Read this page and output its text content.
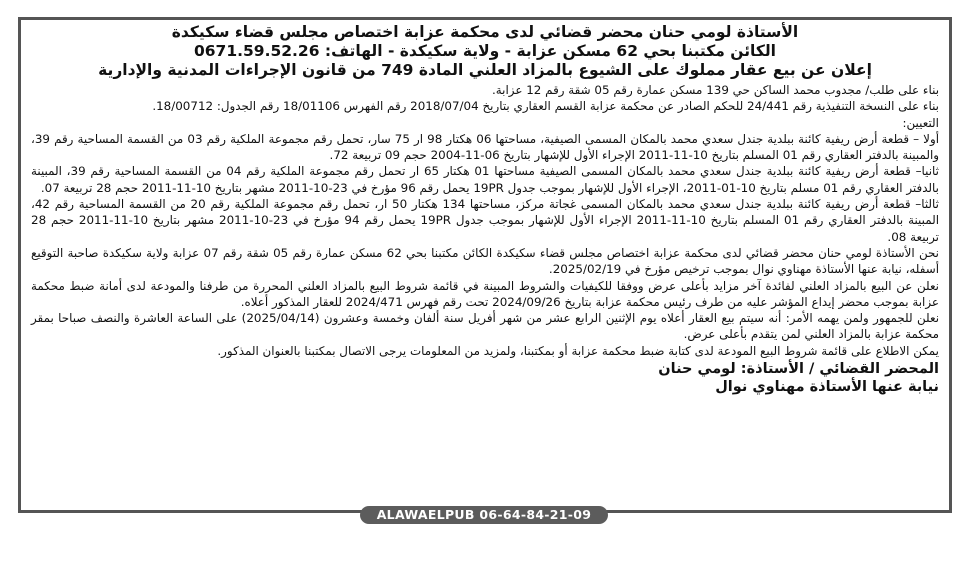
الأستاذة لومي حنان محضر قضائي لدى محكمة عزابة اختصاص مجلس قضاء سكيكدة
الكائن مكتبنا بحي 62 مسكن عزابة - ولاية سكيكدة - الهاتف: 0671.59.52.26
إعلان عن بيع عقار مملوك على الشيوع بالمزاد العلني المادة 749 من قانون الإجراءات المدنية والإدارية

بناء على طلب/ مجدوب محمد الساكن حي 139 مسكن عمارة رقم 05 شقة رقم 12 عزابة.

بناء على النسخة التنفيذية رقم 24/441 للحكم الصادر عن محكمة عزابة القسم العقاري بتاريخ 2018/07/04 رقم الفهرس 18/01106 رقم الجدول: 18/00712.

التعيين:

أولا – قطعة أرض ريفية كائنة ببلدية جندل سعدي محمد بالمكان المسمى الصيفية، مساحتها 06 هكتار 98 ار 75 سار، تحمل رقم مجموعة الملكية رقم 03 من القسمة المساحية رقم 39، والمبينة بالدفتر العقاري رقم 01 المسلم بتاريخ 10-11-2011 الإجراء الأول للإشهار بتاريخ 06-11-2004 حجم 09 تربيعة 72.

ثانيا– قطعة أرض ريفية كائنة ببلدية جندل سعدي محمد بالمكان المسمى الصيفية مساحتها 01 هكتار 65 ار تحمل رقم مجموعة الملكية رقم 04 من القسمة المساحية رقم 39، المبينة بالدفتر العقاري رقم 01 مسلم بتاريخ 10-01-2011، الإجراء الأول للإشهار بموجب جدول 19PR يحمل رقم 96 مؤرخ في 23-10-2011 مشهر بتاريخ 10-11-2011 حجم 28 تربيعة 07.

ثالثا– قطعة أرض ريفية كائنة ببلدية جندل سعدي محمد بالمكان المسمى غجاتة مركز، مساحتها 134 هكتار 50 ار، تحمل رقم مجموعة الملكية رقم 20 من القسمة المساحية رقم 42، المبينة بالدفتر العقاري رقم 01 المسلم بتاريخ 10-11-2011 الإجراء الأول للإشهار بموجب جدول 19PR يحمل رقم 94 مؤرخ في 23-10-2011 مشهر بتاريخ 10-11-2011 حجم 28 تربيعة 08.

نحن الأستاذة لومي حنان محضر قضائي لدى محكمة عزابة اختصاص مجلس قضاء سكيكدة الكائن مكتبنا بحي 62 مسكن عمارة رقم 05 شقة رقم 07 عزابة ولاية سكيكدة صاحبة التوقيع أسفله، نيابة عنها الأستاذة مهناوي نوال بموجب ترخيص مؤرخ في 2025/02/19.

نعلن عن البيع بالمزاد العلني لفائدة آخر مزايد بأعلى عرض ووفقا للكيفيات والشروط المبينة في قائمة شروط البيع بالمزاد العلني المحررة من طرفنا والمودعة لدى أمانة ضبط محكمة عزابة بموجب محضر إيداع المؤشر عليه من طرف رئيس محكمة عزابة بتاريخ 2024/09/26 تحت رقم فهرس 2024/471 للعقار المذكور أعلاه.

نعلن للجمهور ولمن يهمه الأمر: أنه سيتم بيع العقار أعلاه يوم الإثنين الرابع عشر من شهر أفريل سنة ألفان وخمسة وعشرون (2025/04/14) على الساعة العاشرة والنصف صباحا بمقر محكمة عزابة بالمزاد العلني لمن يتقدم بأعلى عرض.

يمكن الاطلاع على قائمة شروط البيع المودعة لدى كتابة ضبط محكمة عزابة أو بمكتبنا، ولمزيد من المعلومات يرجى الاتصال بمكتبنا بالعنوان المذكور.

المحضر القضائي / الأستاذة: لومي حنان
نيابة عنها الأستاذة مهناوي نوال
ALAWAELPUB 06-64-84-21-09
